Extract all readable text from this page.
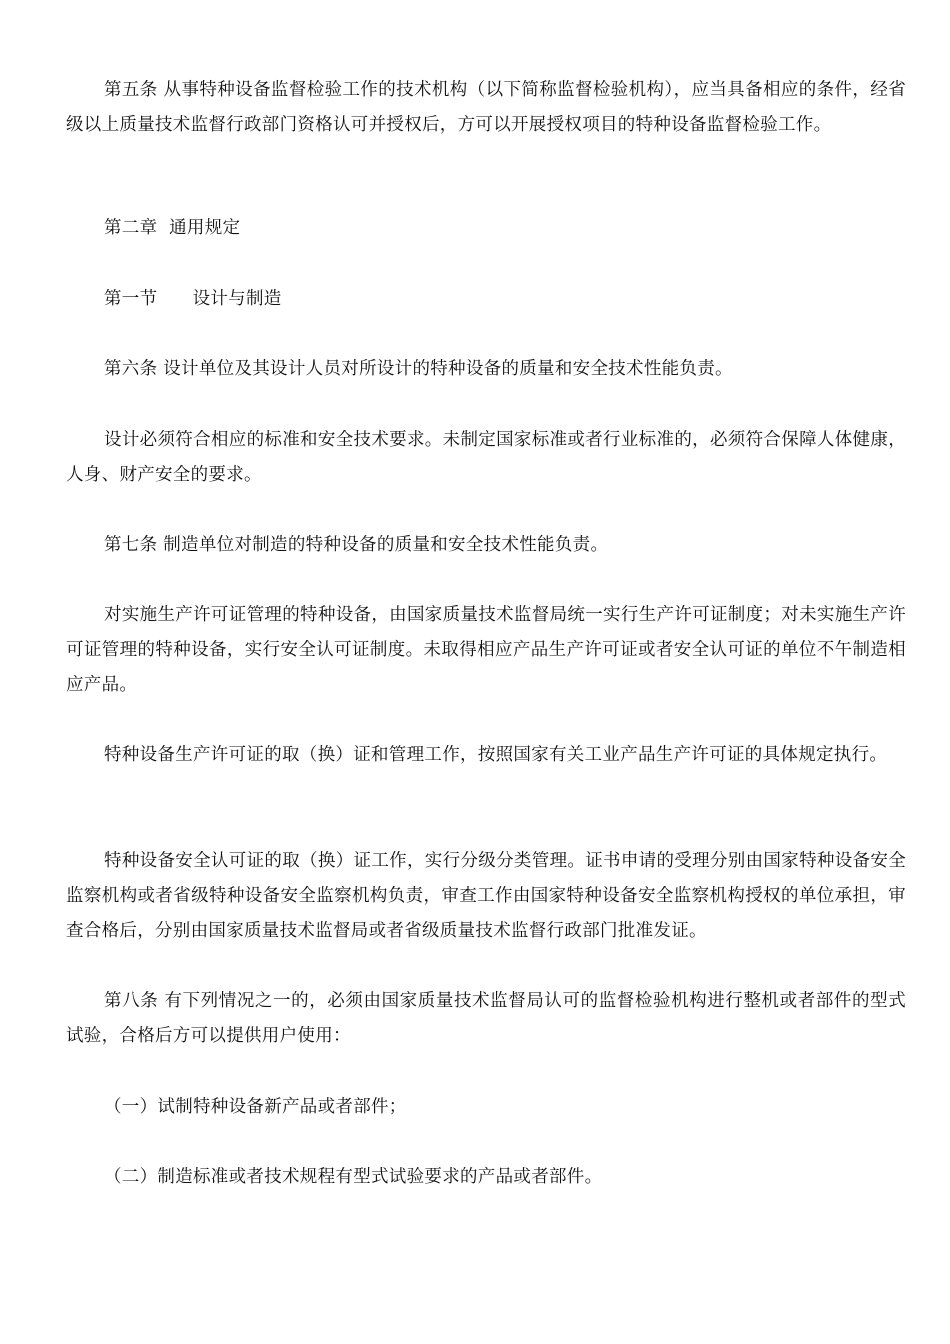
第五条 从事特种设备监督检验工作的技术机构（以下简称监督检验机构），应当具备相应的条件，经省级以上质量技术监督行政部门资格认可并授权后，方可以开展授权项目的特种设备监督检验工作。

第二章  通用规定

第一节      设计与制造

第六条 设计单位及其设计人员对所设计的特种设备的质量和安全技术性能负责。

设计必须符合相应的标准和安全技术要求。未制定国家标准或者行业标准的，必须符合保障人体健康，人身、财产安全的要求。

第七条 制造单位对制造的特种设备的质量和安全技术性能负责。

对实施生产许可证管理的特种设备，由国家质量技术监督局统一实行生产许可证制度；对未实施生产许可证管理的特种设备，实行安全认可证制度。未取得相应产品生产许可证或者安全认可证的单位不午制造相应产品。

特种设备生产许可证的取（换）证和管理工作，按照国家有关工业产品生产许可证的具体规定执行。

特种设备安全认可证的取（换）证工作，实行分级分类管理。证书申请的受理分别由国家特种设备安全监察机构或者省级特种设备安全监察机构负责，审查工作由国家特种设备安全监察机构授权的单位承担，审查合格后，分别由国家质量技术监督局或者省级质量技术监督行政部门批准发证。

第八条 有下列情况之一的，必须由国家质量技术监督局认可的监督检验机构进行整机或者部件的型式试验，合格后方可以提供用户使用：

（一）试制特种设备新产品或者部件；

（二）制造标准或者技术规程有型式试验要求的产品或者部件。
